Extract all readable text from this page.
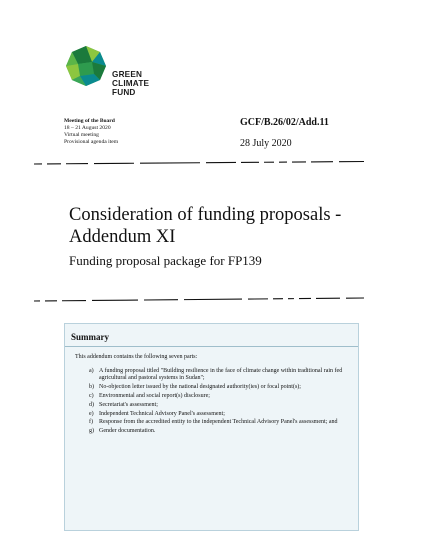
GREEN
CLIMATE
FUND
Meeting of the Board
18 – 21 August 2020
Virtual meeting
Provisional agenda item
GCF/B.26/02/Add.11
28 July 2020
Consideration of funding proposals - Addendum XI
Funding proposal package for FP139
Summary
This addendum contains the following seven parts:
a) A funding proposal titled "Building resilience in the face of climate change within traditional rain fed agricultural and pastoral systems in Sudan";
b) No-objection letter issued by the national designated authority(ies) or focal point(s);
c) Environmental and social report(s) disclosure;
d) Secretariat's assessment;
e) Independent Technical Advisory Panel's assessment;
f)	Response from the accredited entity to the independent Technical Advisory Panel's assessment; and
g) Gender documentation.
